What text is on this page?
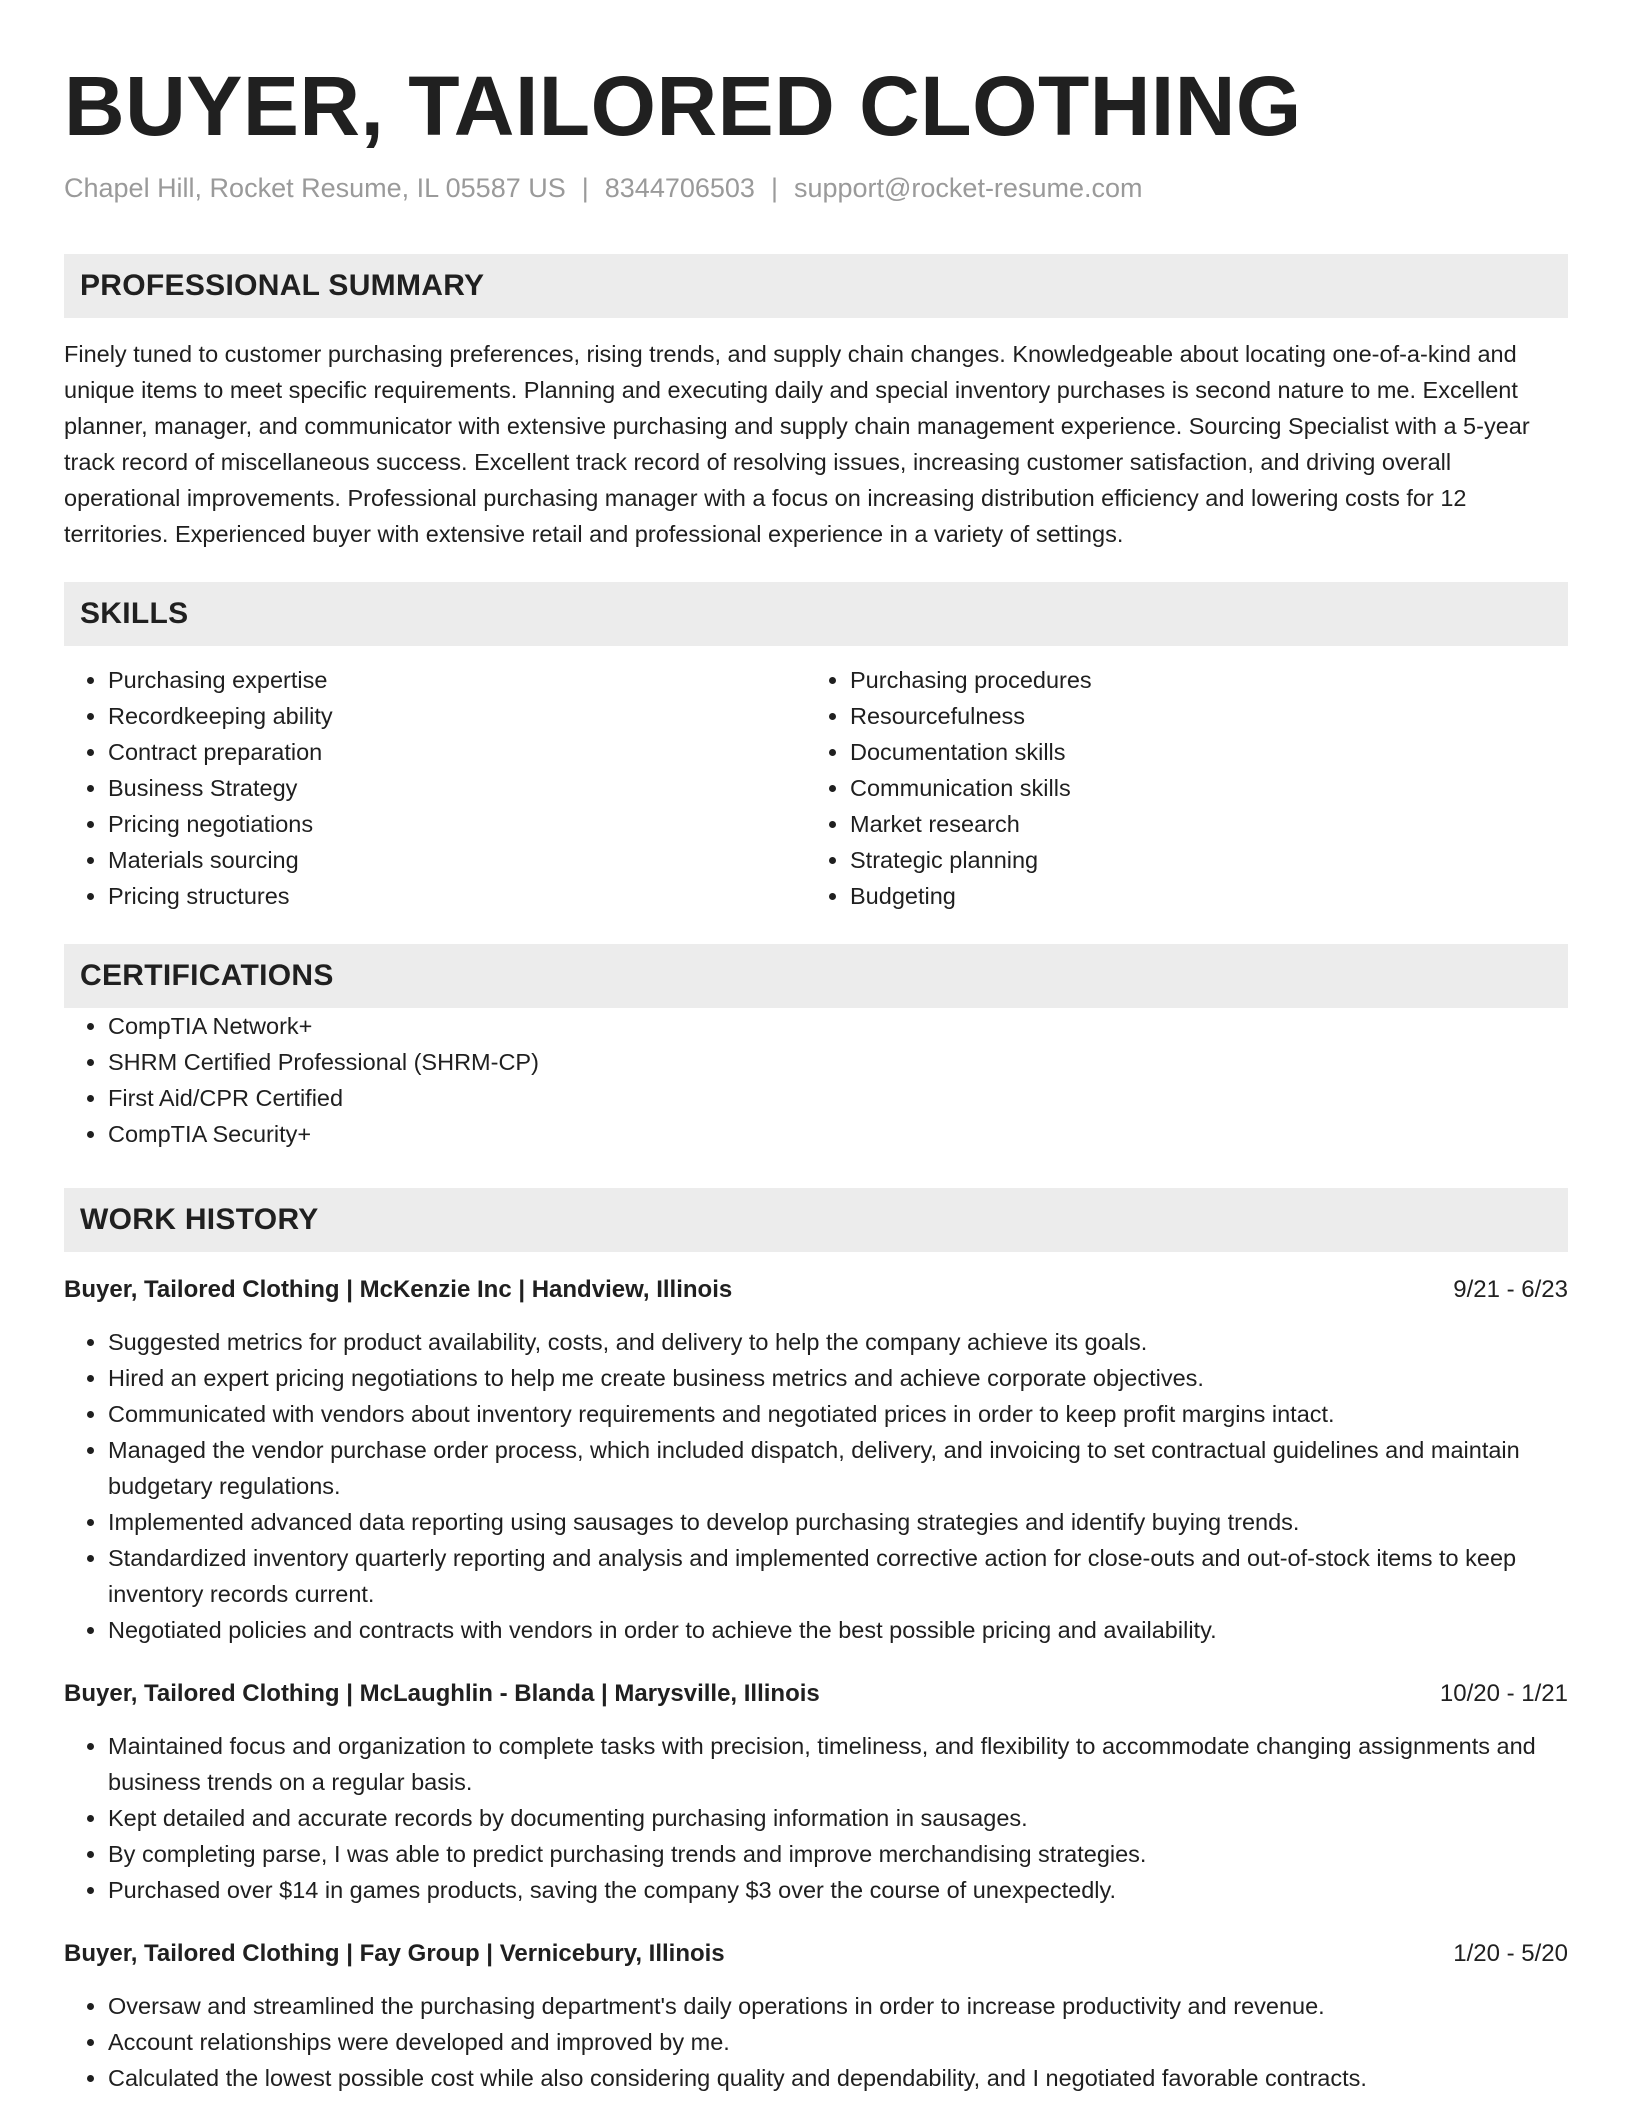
BUYER, TAILORED CLOTHING
Chapel Hill, Rocket Resume, IL 05587 US | 8344706503 | support@rocket-resume.com
PROFESSIONAL SUMMARY

Finely tuned to customer purchasing preferences, rising trends, and supply chain changes. Knowledgeable about locating one-of-a-kind and unique items to meet specific requirements. Planning and executing daily and special inventory purchases is second nature to me. Excellent planner, manager, and communicator with extensive purchasing and supply chain management experience. Sourcing Specialist with a 5-year track record of miscellaneous success. Excellent track record of resolving issues, increasing customer satisfaction, and driving overall operational improvements. Professional purchasing manager with a focus on increasing distribution efficiency and lowering costs for 12 territories. Experienced buyer with extensive retail and professional experience in a variety of settings.

SKILLS
• Purchasing expertise
• Recordkeeping ability
• Contract preparation
• Business Strategy
• Pricing negotiations
• Materials sourcing
• Pricing structures
• Purchasing procedures
• Resourcefulness
• Documentation skills
• Communication skills
• Market research
• Strategic planning
• Budgeting
CERTIFICATIONS
• CompTIA Network+
• SHRM Certified Professional (SHRM-CP)
• First Aid/CPR Certified
• CompTIA Security+
WORK HISTORY
Buyer, Tailored Clothing | McKenzie Inc | Handview, Illinois	9/21 - 6/23
• Suggested metrics for product availability, costs, and delivery to help the company achieve its goals.
• Hired an expert pricing negotiations to help me create business metrics and achieve corporate objectives.
• Communicated with vendors about inventory requirements and negotiated prices in order to keep profit margins intact.
• Managed the vendor purchase order process, which included dispatch, delivery, and invoicing to set contractual guidelines and maintain budgetary regulations.
• Implemented advanced data reporting using sausages to develop purchasing strategies and identify buying trends.
• Standardized inventory quarterly reporting and analysis and implemented corrective action for close-outs and out-of-stock items to keep inventory records current.
• Negotiated policies and contracts with vendors in order to achieve the best possible pricing and availability.
Buyer, Tailored Clothing | McLaughlin - Blanda | Marysville, Illinois	10/20 - 1/21
• Maintained focus and organization to complete tasks with precision, timeliness, and flexibility to accommodate changing assignments and business trends on a regular basis.
• Kept detailed and accurate records by documenting purchasing information in sausages.
• By completing parse, I was able to predict purchasing trends and improve merchandising strategies.
• Purchased over $14 in games products, saving the company $3 over the course of unexpectedly.
Buyer, Tailored Clothing | Fay Group | Vernicebury, Illinois	1/20 - 5/20
• Oversaw and streamlined the purchasing department's daily operations in order to increase productivity and revenue.
• Account relationships were developed and improved by me.
• Calculated the lowest possible cost while also considering quality and dependability, and I negotiated favorable contracts.
